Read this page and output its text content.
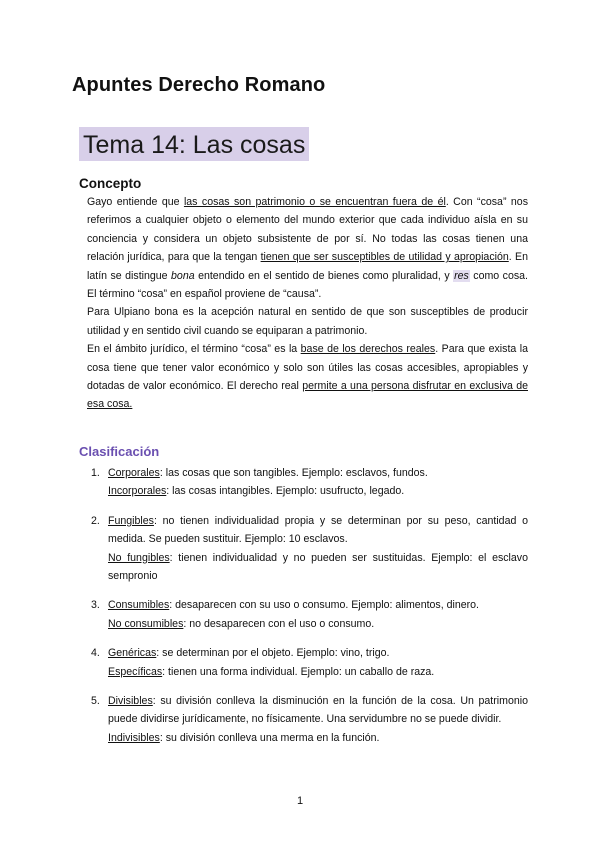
Apuntes Derecho Romano
Tema 14: Las cosas
Concepto

Gayo entiende que las cosas son patrimonio o se encuentran fuera de él. Con “cosa” nos referimos a cualquier objeto o elemento del mundo exterior que cada individuo aísla en su conciencia y considera un objeto subsistente de por sí. No todas las cosas tienen una relación jurídica, para que la tengan tienen que ser susceptibles de utilidad y apropiación. En latín se distingue bona entendido en el sentido de bienes como pluralidad, y res como cosa. El término “cosa” en español proviene de “causa”.

Para Ulpiano bona es la acepción natural en sentido de que son susceptibles de producir utilidad y en sentido civil cuando se equiparan a patrimonio.

En el ámbito jurídico, el término “cosa” es la base de los derechos reales. Para que exista la cosa tiene que tener valor económico y solo son útiles las cosas accesibles, apropiables y dotadas de valor económico. El derecho real permite a una persona disfrutar en exclusiva de esa cosa.

Clasificación
1. Corporales: las cosas que son tangibles. Ejemplo: esclavos, fundos.
Incorporales: las cosas intangibles. Ejemplo: usufructo, legado.
2. Fungibles: no tienen individualidad propia y se determinan por su peso, cantidad o medida. Se pueden sustituir. Ejemplo: 10 esclavos.
No fungibles: tienen individualidad y no pueden ser sustituidas. Ejemplo: el esclavo sempronio
3. Consumibles: desaparecen con su uso o consumo. Ejemplo: alimentos, dinero.
No consumibles: no desaparecen con el uso o consumo.
4. Genéricas: se determinan por el objeto. Ejemplo: vino, trigo.
Específicas: tienen una forma individual. Ejemplo: un caballo de raza.
5. Divisibles: su división conlleva la disminución en la función de la cosa. Un patrimonio puede dividirse jurídicamente, no físicamente. Una servidumbre no se puede dividir.
Indivisibles: su división conlleva una merma en la función.
1
